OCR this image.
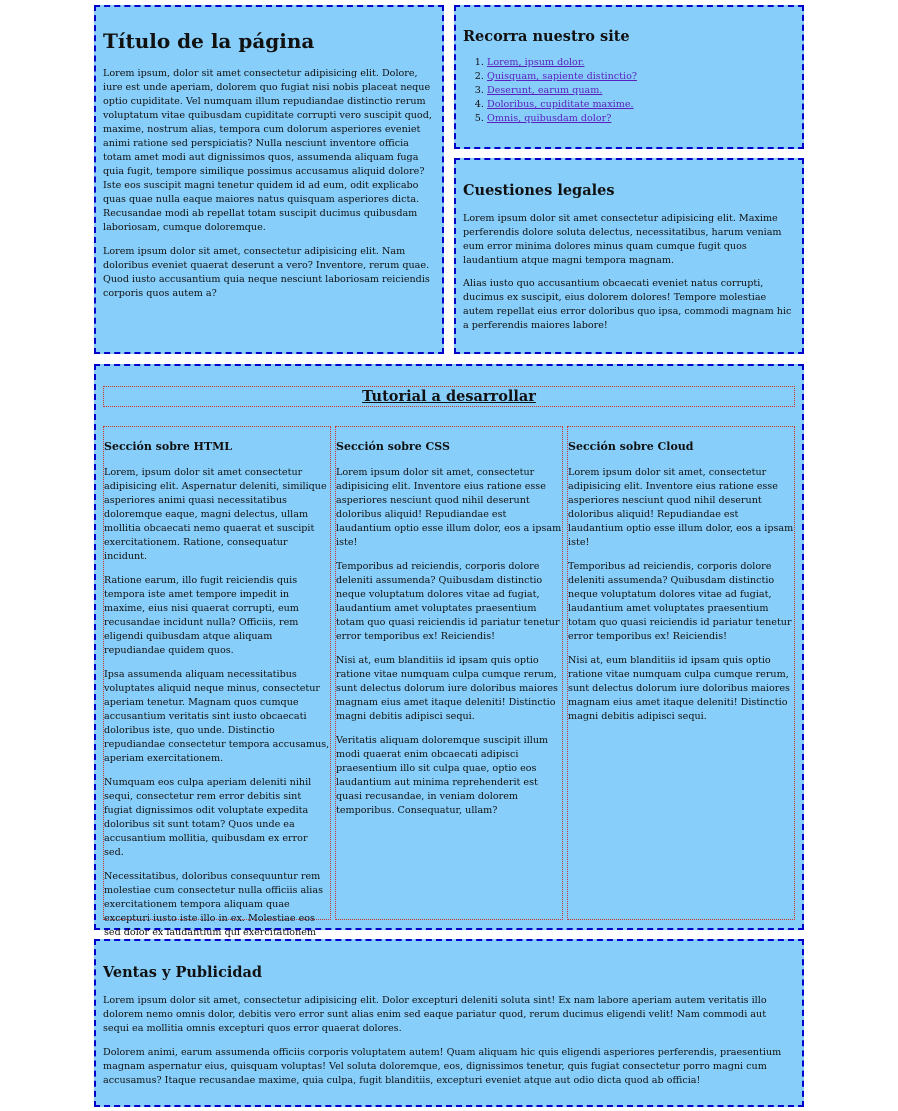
Título de la página

Lorem ipsum, dolor sit amet consectetur adipisicing elit. Dolore, iure est unde aperiam, dolorem quo fugiat nisi nobis placeat neque optio cupiditate. Vel numquam illum repudiandae distinctio rerum voluptatum vitae quibusdam cupiditate corrupti vero suscipit quod, maxime, nostrum alias, tempora cum dolorum asperiores eveniet animi ratione sed perspiciatis? Nulla nesciunt inventore officia totam amet modi aut dignissimos quos, assumenda aliquam fuga quia fugit, tempore similique possimus accusamus aliquid dolore? Iste eos suscipit magni tenetur quidem id ad eum, odit explicabo quas quae nulla eaque maiores natus quisquam asperiores dicta. Recusandae modi ab repellat totam suscipit ducimus quibusdam laboriosam, cumque doloremque.

Lorem ipsum dolor sit amet, consectetur adipisicing elit. Nam doloribus eveniet quaerat deserunt a vero? Inventore, rerum quae. Quod iusto accusantium quia neque nesciunt laboriosam reiciendis corporis quos autem a?

Recorra nuestro site
1. Lorem, ipsum dolor.
2. Quisquam, sapiente distinctio?
3. Deserunt, earum quam.
4. Doloribus, cupiditate maxime.
5. Omnis, quibusdam dolor?
Cuestiones legales

Lorem ipsum dolor sit amet consectetur adipisicing elit. Maxime perferendis dolore soluta delectus, necessitatibus, harum veniam eum error minima dolores minus quam cumque fugit quos laudantium atque magni tempora magnam.

Alias iusto quo accusantium obcaecati eveniet natus corrupti, ducimus ex suscipit, eius dolorem dolores! Tempore molestiae autem repellat eius error doloribus quo ipsa, commodi magnam hic a perferendis maiores labore!

Tutorial a desarrollar
Sección sobre HTML

Lorem, ipsum dolor sit amet consectetur adipisicing elit. Aspernatur deleniti, similique asperiores animi quasi necessitatibus doloremque eaque, magni delectus, ullam mollitia obcaecati nemo quaerat et suscipit exercitationem. Ratione, consequatur incidunt.

Ratione earum, illo fugit reiciendis quis tempora iste amet tempore impedit in maxime, eius nisi quaerat corrupti, eum recusandae incidunt nulla? Officiis, rem eligendi quibusdam atque aliquam repudiandae quidem quos.

Ipsa assumenda aliquam necessitatibus voluptates aliquid neque minus, consectetur aperiam tenetur. Magnam quos cumque accusantium veritatis sint iusto obcaecati doloribus iste, quo unde. Distinctio repudiandae consectetur tempora accusamus, aperiam exercitationem.

Numquam eos culpa aperiam deleniti nihil sequi, consectetur rem error debitis sint fugiat dignissimos odit voluptate expedita doloribus sit sunt totam? Quos unde ea accusantium mollitia, quibusdam ex error sed.

Necessitatibus, doloribus consequuntur rem molestiae cum consectetur nulla officiis alias exercitationem tempora aliquam quae excepturi iusto iste illo in ex. Molestiae eos sed dolor ex laudantium qui exercitationem

Sección sobre CSS

Lorem ipsum dolor sit amet, consectetur adipisicing elit. Inventore eius ratione esse asperiores nesciunt quod nihil deserunt doloribus aliquid! Repudiandae est laudantium optio esse illum dolor, eos a ipsam iste!

Temporibus ad reiciendis, corporis dolore deleniti assumenda? Quibusdam distinctio neque voluptatum dolores vitae ad fugiat, laudantium amet voluptates praesentium totam quo quasi reiciendis id pariatur tenetur error temporibus ex! Reiciendis!

Nisi at, eum blanditiis id ipsam quis optio ratione vitae numquam culpa cumque rerum, sunt delectus dolorum iure doloribus maiores magnam eius amet itaque deleniti! Distinctio magni debitis adipisci sequi.

Veritatis aliquam doloremque suscipit illum modi quaerat enim obcaecati adipisci praesentium illo sit culpa quae, optio eos laudantium aut minima reprehenderit est quasi recusandae, in veniam dolorem temporibus. Consequatur, ullam?

Sección sobre Cloud

Lorem ipsum dolor sit amet, consectetur adipisicing elit. Inventore eius ratione esse asperiores nesciunt quod nihil deserunt doloribus aliquid! Repudiandae est laudantium optio esse illum dolor, eos a ipsam iste!

Temporibus ad reiciendis, corporis dolore deleniti assumenda? Quibusdam distinctio neque voluptatum dolores vitae ad fugiat, laudantium amet voluptates praesentium totam quo quasi reiciendis id pariatur tenetur error temporibus ex! Reiciendis!

Nisi at, eum blanditiis id ipsam quis optio ratione vitae numquam culpa cumque rerum, sunt delectus dolorum iure doloribus maiores magnam eius amet itaque deleniti! Distinctio magni debitis adipisci sequi.

Ventas y Publicidad

Lorem ipsum dolor sit amet, consectetur adipisicing elit. Dolor excepturi deleniti soluta sint! Ex nam labore aperiam autem veritatis illo dolorem nemo omnis dolor, debitis vero error sunt alias enim sed eaque pariatur quod, rerum ducimus eligendi velit! Nam commodi aut sequi ea mollitia omnis excepturi quos error quaerat dolores.

Dolorem animi, earum assumenda officiis corporis voluptatem autem! Quam aliquam hic quis eligendi asperiores perferendis, praesentium magnam aspernatur eius, quisquam voluptas! Vel soluta doloremque, eos, dignissimos tenetur, quis fugiat consectetur porro magni cum accusamus? Itaque recusandae maxime, quia culpa, fugit blanditiis, excepturi eveniet atque aut odio dicta quod ab officia!
